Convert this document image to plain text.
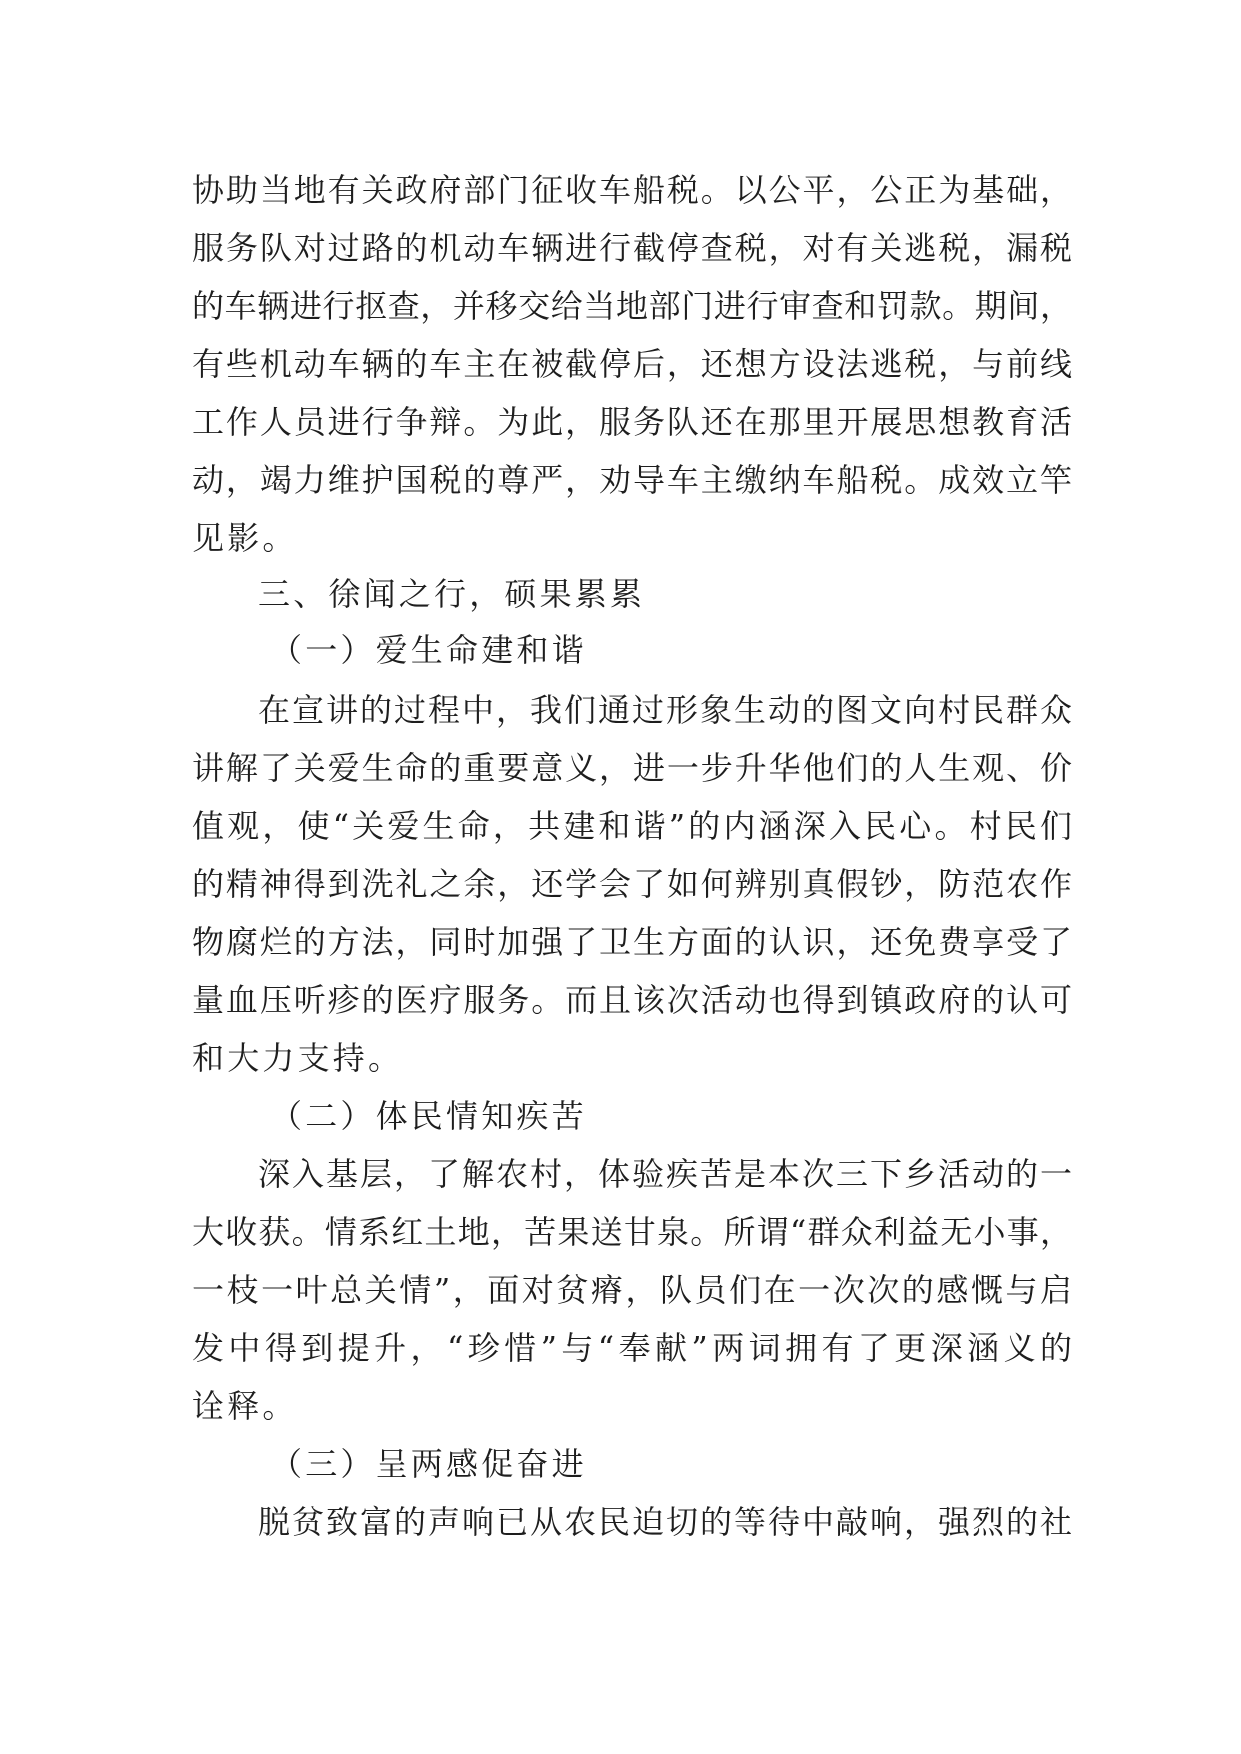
协助当地有关政府部门征收车船税。以公平，公正为基础，
服务队对过路的机动车辆进行截停查税，对有关逃税，漏税
的车辆进行抠查，并移交给当地部门进行审查和罚款。期间，
有些机动车辆的车主在被截停后，还想方设法逃税，与前线
工作人员进行争辩。为此，服务队还在那里开展思想教育活
动，竭力维护国税的尊严，劝导车主缴纳车船税。成效立竿
见影。
三、徐闻之行，硕果累累
（一）爱生命建和谐
在宣讲的过程中，我们通过形象生动的图文向村民群众
讲解了关爱生命的重要意义，进一步升华他们的人生观、价
值观，使“关爱生命，共建和谐”的内涵深入民心。村民们
的精神得到洗礼之余，还学会了如何辨别真假钞，防范农作
物腐烂的方法，同时加强了卫生方面的认识，还免费享受了
量血压听疹的医疗服务。而且该次活动也得到镇政府的认可
和大力支持。
（二）体民情知疾苦
深入基层，了解农村，体验疾苦是本次三下乡活动的一
大收获。情系红土地，苦果送甘泉。所谓“群众利益无小事，
一枝一叶总关情”，面对贫瘠，队员们在一次次的感慨与启
发中得到提升，“珍惜”与“奉献”两词拥有了更深涵义的
诠释。
（三）呈两感促奋进
脱贫致富的声响已从农民迫切的等待中敲响，强烈的社
